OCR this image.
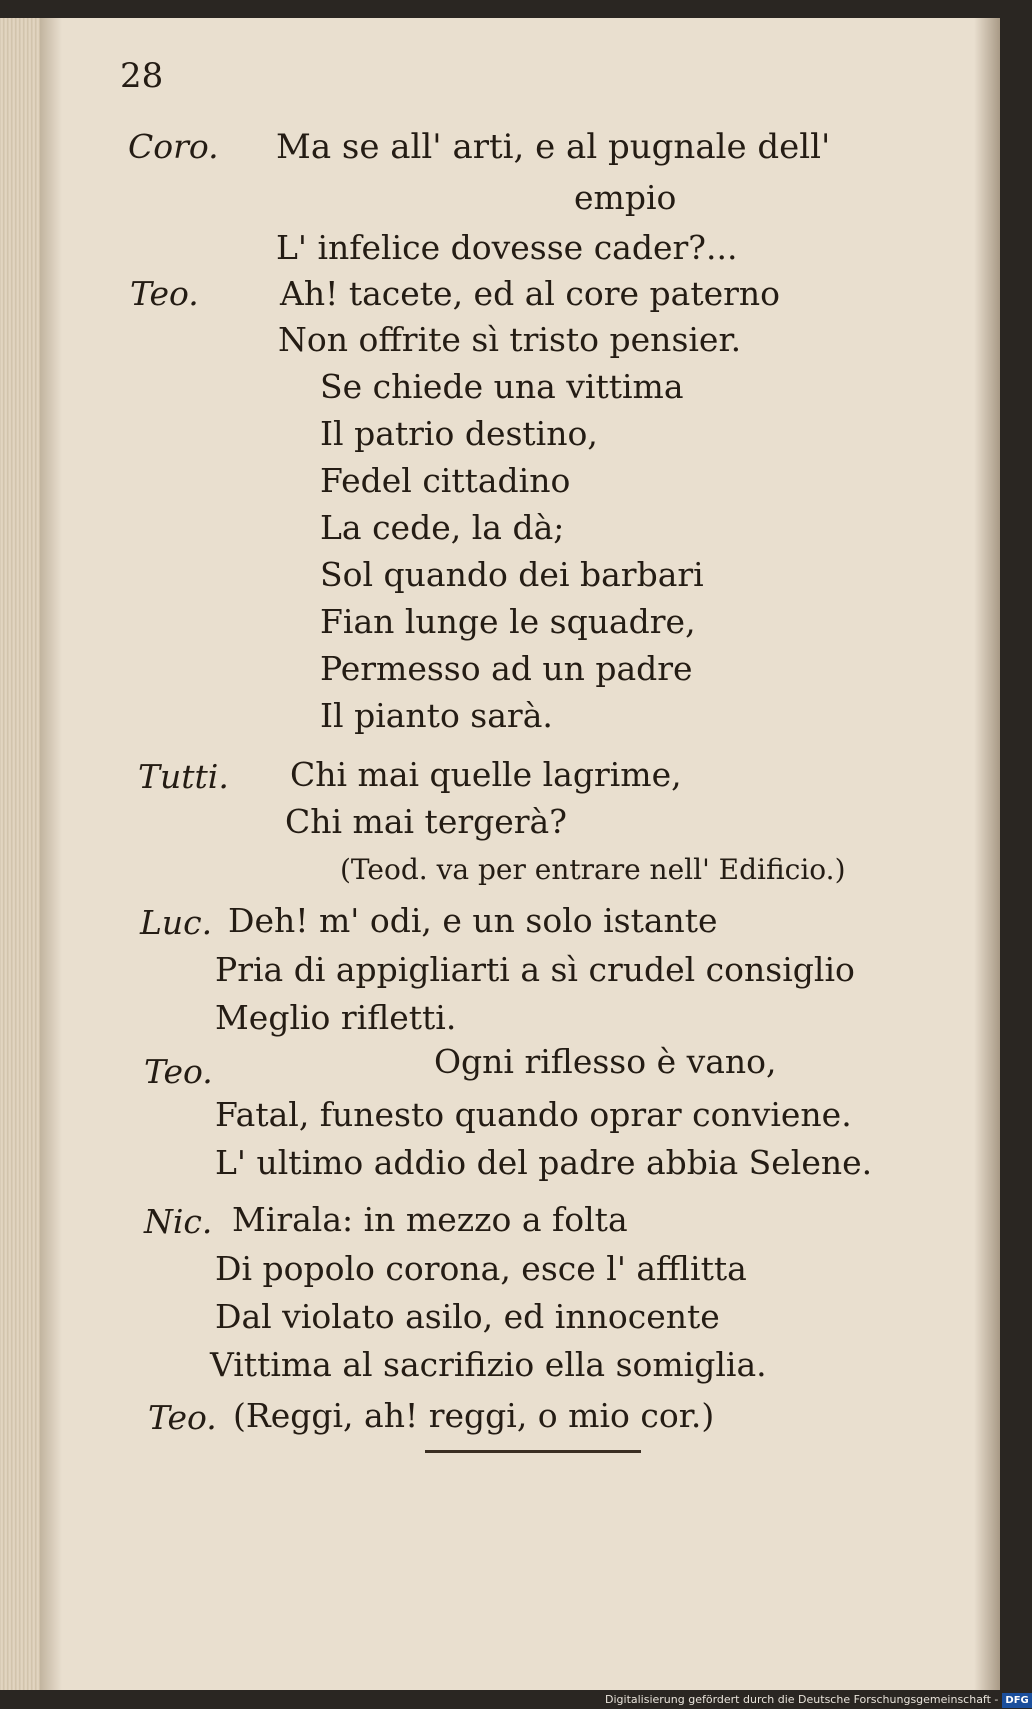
28
Coro. Ma se all' arti, e al pugnale dell'
empio
L' infelice dovesse cader?...
Teo. Ah! tacete, ed al core paterno
Non offrite sì tristo pensier.
Se chiede una vittima
Il patrio destino,
Fedel cittadino
La cede, la dà;
Sol quando dei barbari
Fian lunge le squadre,
Permesso ad un padre
Il pianto sarà.
Tutti. Chi mai quelle lagrime,
Chi mai tergerà?
(Teod. va per entrare nell' Edificio.)
Luc. Deh! m' odi, e un solo istante
Pria di appigliarti a sì crudel consiglio
Meglio rifletti.
Teo.	Ogni riflesso è vano,
Fatal, funesto quando oprar conviene.
L' ultimo addio del padre abbia Selene.
Nic. Mirala: in mezzo a folta
Di popolo corona, esce l' afflitta
Dal violato asilo, ed innocente
Vittima al sacrifizio ella somiglia.
Teo. (Reggi, ah! reggi, o mio cor.)
Digitalisierung gefördert durch die Deutsche Forschungsgemeinschaft - DFG
